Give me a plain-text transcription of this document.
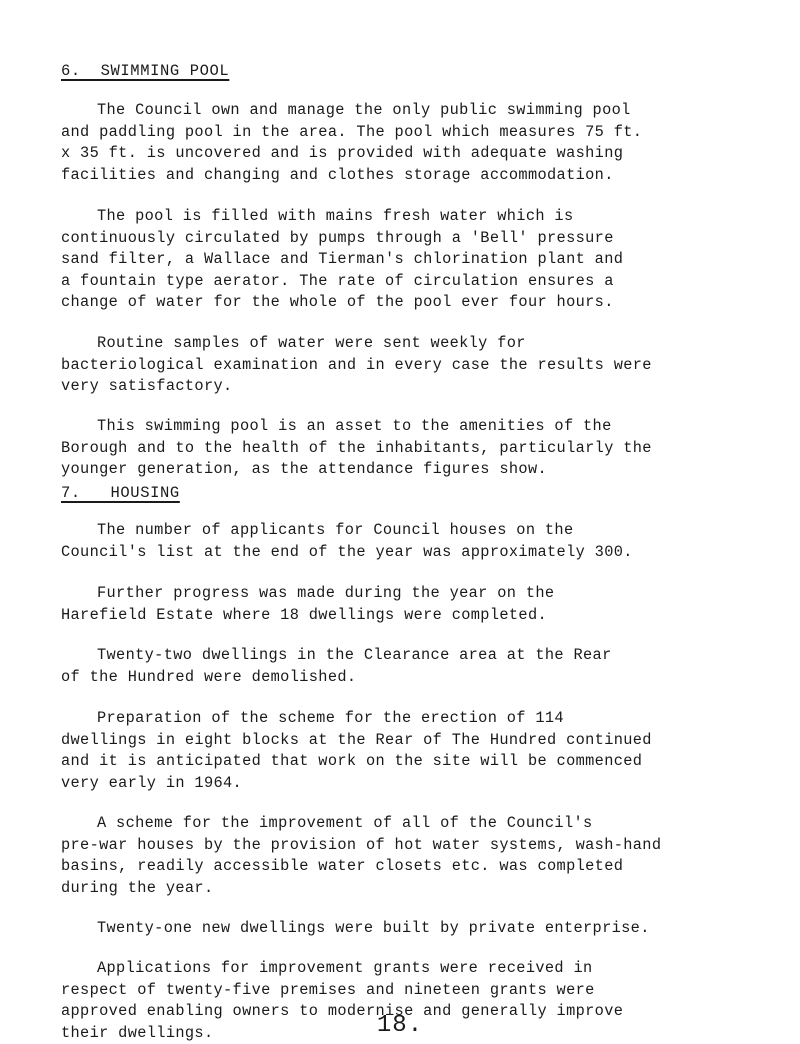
6.  SWIMMING POOL
The Council own and manage the only public swimming pool
and paddling pool in the area. The pool which measures 75 ft.
x 35 ft. is uncovered and is provided with adequate washing
facilities and changing and clothes storage accommodation.
The pool is filled with mains fresh water which is
continuously circulated by pumps through a 'Bell' pressure
sand filter, a Wallace and Tierman's chlorination plant and
a fountain type aerator. The rate of circulation ensures a
change of water for the whole of the pool ever four hours.
Routine samples of water were sent weekly for
bacteriological examination and in every case the results were
very satisfactory.
This swimming pool is an asset to the amenities of the
Borough and to the health of the inhabitants, particularly the
younger generation, as the attendance figures show.
7.   HOUSING
The number of applicants for Council houses on the
Council's list at the end of the year was approximately 300.
Further progress was made during the year on the
Harefield Estate where 18 dwellings were completed.
Twenty-two dwellings in the Clearance area at the Rear
of the Hundred were demolished.
Preparation of the scheme for the erection of 114
dwellings in eight blocks at the Rear of The Hundred continued
and it is anticipated that work on the site will be commenced
very early in 1964.
A scheme for the improvement of all of the Council's
pre-war houses by the provision of hot water systems, wash-hand
basins, readily accessible water closets etc. was completed
during the year.
Twenty-one new dwellings were built by private enterprise.
Applications for improvement grants were received in
respect of twenty-five premises and nineteen grants were
approved enabling owners to modernise and generally improve
their dwellings.	18.
